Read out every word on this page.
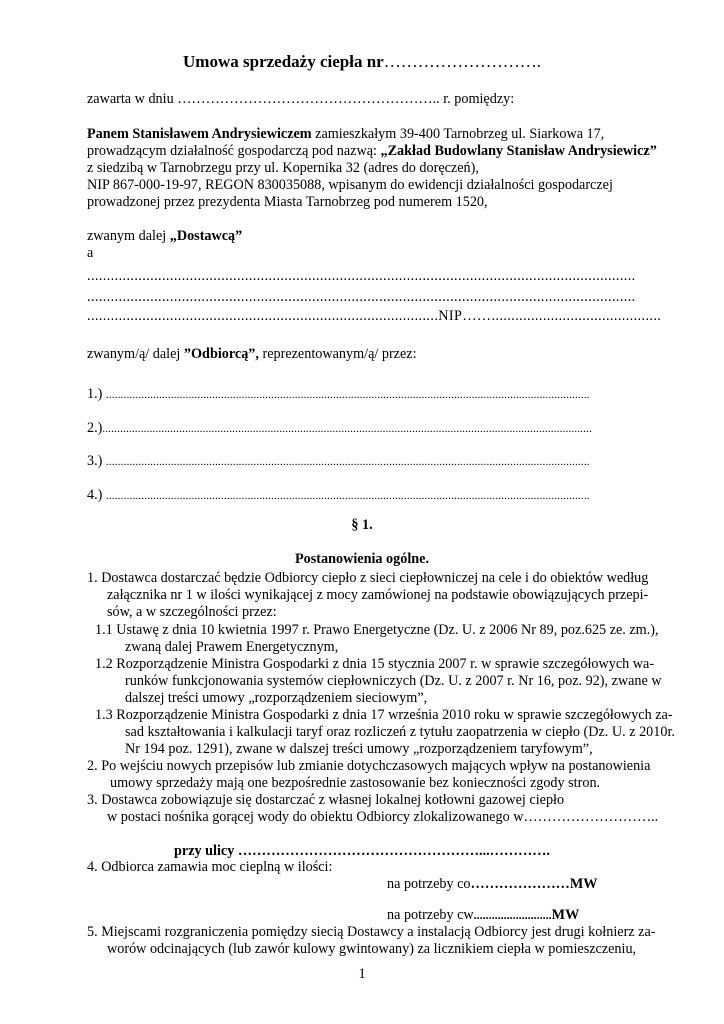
Umowa sprzedaży ciepła nr……………………….
zawarta w dniu ……………………………………………….. r. pomiędzy:
Panem Stanisławem Andrysiewiczem zamieszkałym 39-400 Tarnobrzeg ul. Siarkowa 17,
prowadzącym działalność gospodarczą pod nazwą: „Zakład Budowlany Stanisław Andrysiewicz”
z siedzibą w Tarnobrzegu przy ul. Kopernika 32 (adres do doręczeń),
NIP 867-000-19-97, REGON 830035088, wpisanym do ewidencji działalności gospodarczej
prowadzonej przez prezydenta Miasta Tarnobrzeg pod numerem 1520,
zwanym dalej „Dostawcą”
a
...........................................................................................................................................
...........................................................................................................................................
.........................................................................................NIP……...........................................
zwanym/ą/ dalej ”Odbiorcą”, reprezentowanym/ą/ przez:
1.) ....................................................................................................................................................................
2.)......................................................................................................................................................................
3.) ....................................................................................................................................................................
4.) ....................................................................................................................................................................
§ 1.
Postanowienia ogólne.
1. Dostawca dostarczać będzie Odbiorcy ciepło z sieci ciepłowniczej na cele i do obiektów według
załącznika nr 1 w ilości wynikającej z mocy zamówionej na podstawie obowiązujących przepi-
sów, a w szczególności przez:
1.1 Ustawę z dnia 10 kwietnia 1997 r. Prawo Energetyczne (Dz. U. z 2006 Nr 89, poz.625 ze. zm.),
zwaną dalej Prawem Energetycznym,
1.2 Rozporządzenie Ministra Gospodarki z dnia 15 stycznia 2007 r. w sprawie szczegółowych wa-
runków funkcjonowania systemów ciepłowniczych (Dz. U. z 2007 r. Nr 16, poz. 92), zwane w
dalszej treści umowy „rozporządzeniem sieciowym”,
1.3 Rozporządzenie Ministra Gospodarki z dnia 17 września 2010 roku w sprawie szczegółowych za-
sad kształtowania i kalkulacji taryf oraz rozliczeń z tytułu zaopatrzenia w ciepło (Dz. U. z 2010r.
Nr 194 poz. 1291), zwane w dalszej treści umowy „rozporządzeniem taryfowym”,
2. Po wejściu nowych przepisów lub zmianie dotychczasowych mających wpływ na postanowienia
umowy sprzedaży mają one bezpośrednie zastosowanie bez konieczności zgody stron.
3. Dostawca zobowiązuje się dostarczać z własnej lokalnej kotłowni gazowej ciepło
w postaci nośnika gorącej wody do obiektu Odbiorcy zlokalizowanego w………………………..
przy ulicy ……………………………………………...………….
4. Odbiorca zamawia moc cieplną w ilości:
na potrzeby co…………………MW
na potrzeby cw..........................MW
5. Miejscami rozgraniczenia pomiędzy siecią Dostawcy a instalacją Odbiorcy jest drugi kołnierz za-
worów odcinających (lub zawór kulowy gwintowany) za licznikiem ciepła w pomieszczeniu,
1
